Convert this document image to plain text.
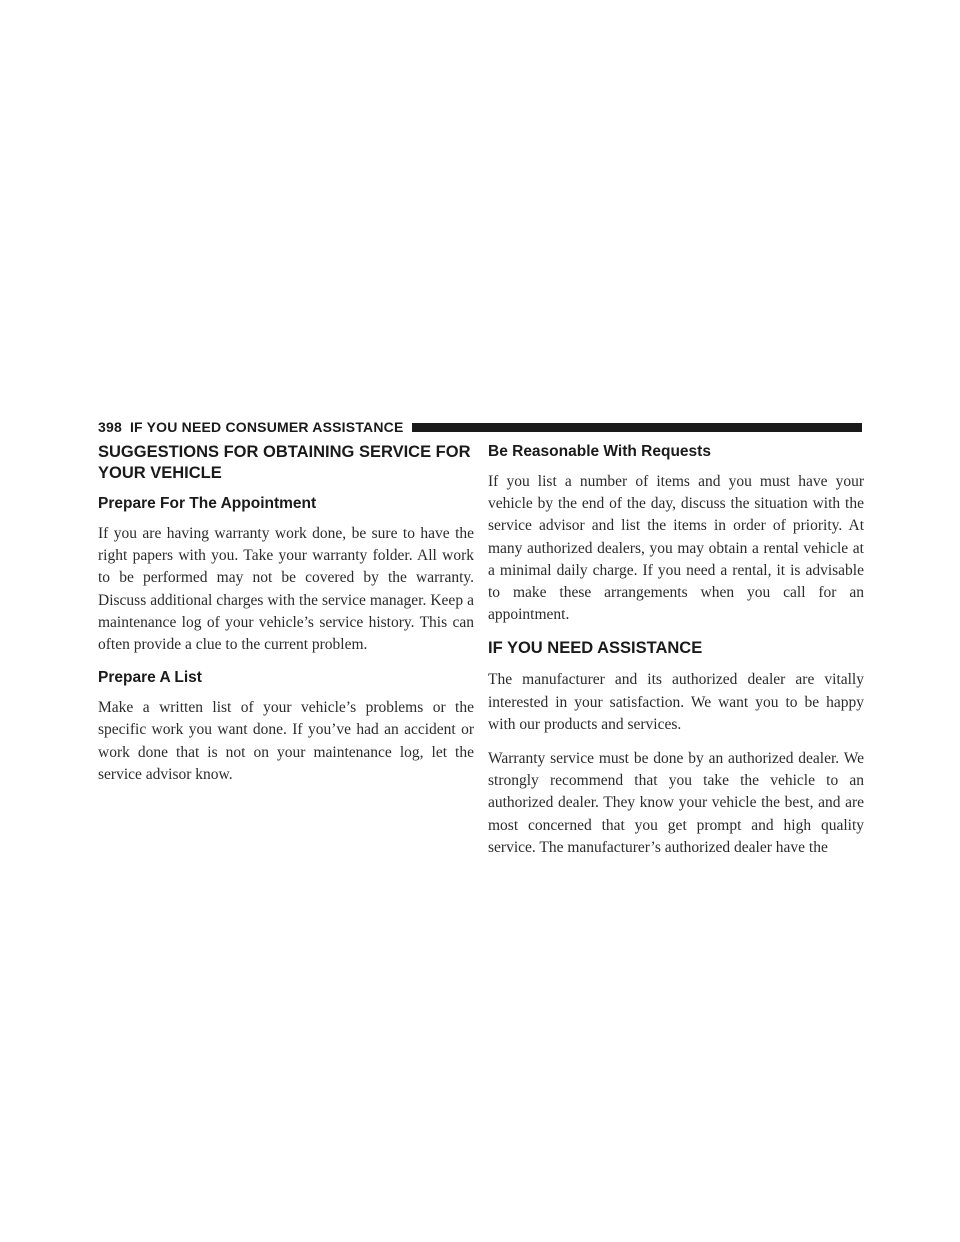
398 IF YOU NEED CONSUMER ASSISTANCE
SUGGESTIONS FOR OBTAINING SERVICE FOR YOUR VEHICLE
Prepare For The Appointment

If you are having warranty work done, be sure to have the right papers with you. Take your warranty folder. All work to be performed may not be covered by the warranty. Discuss additional charges with the service manager. Keep a maintenance log of your vehicle’s service history. This can often provide a clue to the current problem.

Prepare A List

Make a written list of your vehicle’s problems or the specific work you want done. If you’ve had an accident or work done that is not on your maintenance log, let the service advisor know.

Be Reasonable With Requests

If you list a number of items and you must have your vehicle by the end of the day, discuss the situation with the service advisor and list the items in order of priority. At many authorized dealers, you may obtain a rental vehicle at a minimal daily charge. If you need a rental, it is advisable to make these arrangements when you call for an appointment.

IF YOU NEED ASSISTANCE

The manufacturer and its authorized dealer are vitally interested in your satisfaction. We want you to be happy with our products and services.

Warranty service must be done by an authorized dealer. We strongly recommend that you take the vehicle to an authorized dealer. They know your vehicle the best, and are most concerned that you get prompt and high quality service. The manufacturer’s authorized dealer have the
